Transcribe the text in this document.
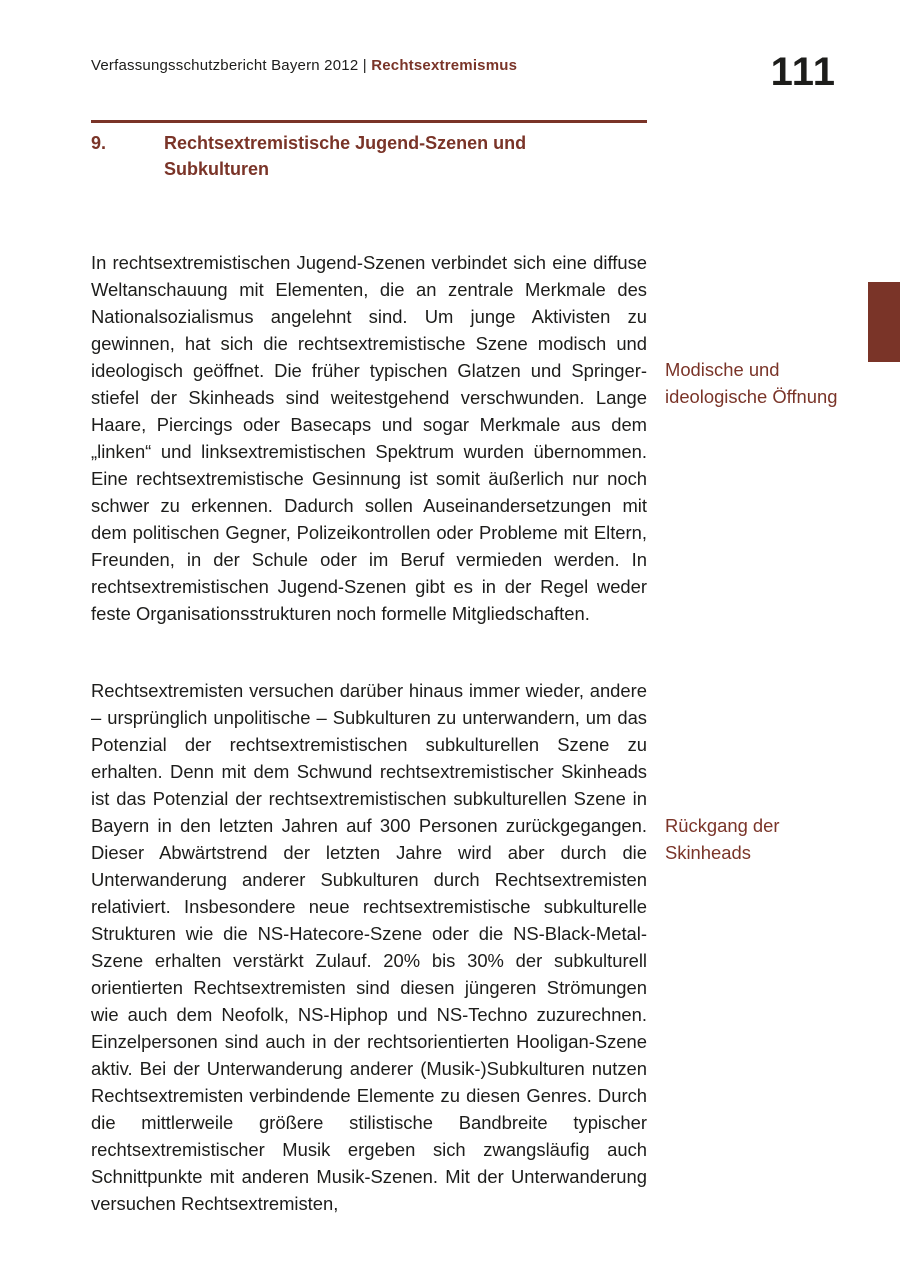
Verfassungsschutzbericht Bayern 2012 | Rechtsextremismus	111
9.	Rechtsextremistische Jugend-Szenen und Subkulturen

In rechtsextremistischen Jugend-Szenen verbindet sich eine diffuse Weltanschauung mit Elementen, die an zentrale Merkmale des Nationalsozialismus angelehnt sind. Um junge Aktivisten zu gewinnen, hat sich die rechtsextremistische Szene modisch und ideologisch geöffnet. Die früher typischen Glatzen und Springerstiefel der Skinheads sind weitestgehend verschwunden. Lange Haare, Piercings oder Basecaps und sogar Merkmale aus dem „linken“ und linksextremistischen Spektrum wurden übernommen. Eine rechtsextremistische Gesinnung ist somit äußerlich nur noch schwer zu erkennen. Dadurch sollen Auseinandersetzungen mit dem politischen Gegner, Polizeikontrollen oder Probleme mit Eltern, Freunden, in der Schule oder im Beruf vermieden werden. In rechtsextremistischen Jugend-Szenen gibt es in der Regel weder feste Organisationsstrukturen noch formelle Mitgliedschaften.

Modische und ideologische Öffnung

Rechtsextremisten versuchen darüber hinaus immer wieder, andere – ursprünglich unpolitische – Subkulturen zu unterwandern, um das Potenzial der rechtsextremistischen subkulturellen Szene zu erhalten. Denn mit dem Schwund rechtsextremistischer Skinheads ist das Potenzial der rechtsextremistischen subkulturellen Szene in Bayern in den letzten Jahren auf 300 Personen zurückgegangen. Dieser Abwärtstrend der letzten Jahre wird aber durch die Unterwanderung anderer Subkulturen durch Rechtsextremisten relativiert. Insbesondere neue rechtsextremistische subkulturelle Strukturen wie die NS-Hatecore-Szene oder die NS-Black-Metal-Szene erhalten verstärkt Zulauf. 20% bis 30% der subkulturell orientierten Rechtsextremisten sind diesen jüngeren Strömungen wie auch dem Neofolk, NS-Hiphop und NS-Techno zuzurechnen. Einzelpersonen sind auch in der rechtsorientierten Hooligan-Szene aktiv. Bei der Unterwanderung anderer (Musik-)Subkulturen nutzen Rechtsextremisten verbindende Elemente zu diesen Genres. Durch die mittlerweile größere stilistische Bandbreite typischer rechtsextremistischer Musik ergeben sich zwangsläufig auch Schnittpunkte mit anderen Musik-Szenen. Mit der Unterwanderung versuchen Rechtsextremisten,

Rückgang der Skinheads
